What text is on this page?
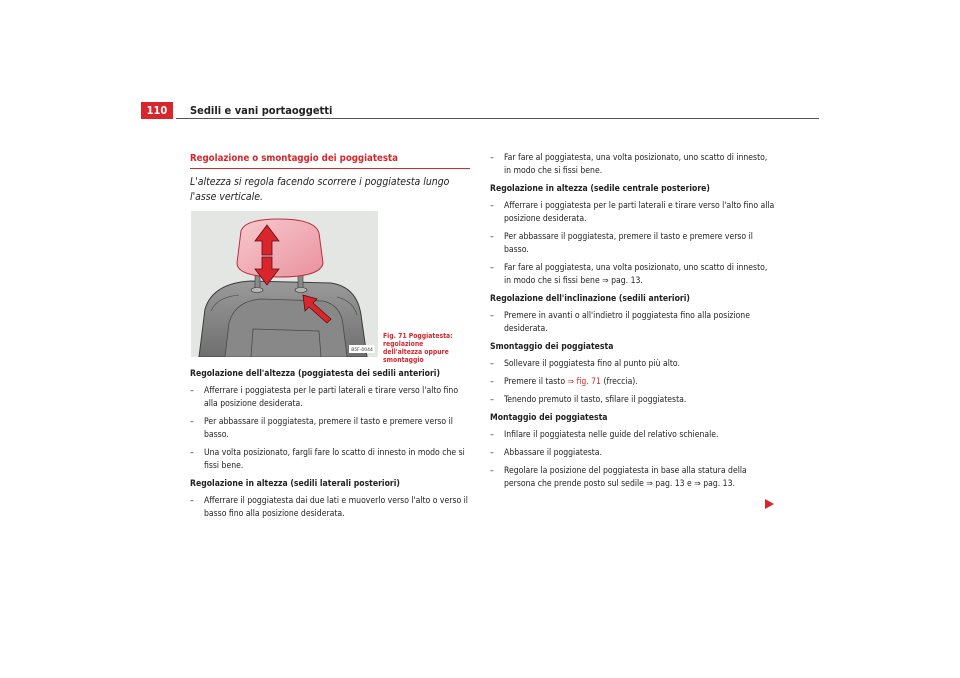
110	Sedili e vani portaoggetti
Regolazione o smontaggio dei poggiatesta
L'altezza si regola facendo scorrere i poggiatesta lungo l'asse verticale.
B5F-0044
Fig. 71 Poggiatesta: regolazione dell'altezza oppure smontaggio
Regolazione dell'altezza (poggiatesta dei sedili anteriori)
– Afferrare i poggiatesta per le parti laterali e tirare verso l'alto fino alla posizione desiderata.
– Per abbassare il poggiatesta, premere il tasto e premere verso il basso.
– Una volta posizionato, fargli fare lo scatto di innesto in modo che si fissi bene.
Regolazione in altezza (sedili laterali posteriori)
– Afferrare il poggiatesta dai due lati e muoverlo verso l'alto o verso il basso fino alla posizione desiderata.
– Far fare al poggiatesta, una volta posizionato, uno scatto di innesto, in modo che si fissi bene.
Regolazione in altezza (sedile centrale posteriore)
– Afferrare i poggiatesta per le parti laterali e tirare verso l'alto fino alla posizione desiderata.
– Per abbassare il poggiatesta, premere il tasto e premere verso il basso.
– Far fare al poggiatesta, una volta posizionato, uno scatto di innesto, in modo che si fissi bene ⇒ pag. 13.
Regolazione dell'inclinazione (sedili anteriori)
– Premere in avanti o all'indietro il poggiatesta fino alla posizione desiderata.
Smontaggio dei poggiatesta
– Sollevare il poggiatesta fino al punto più alto.
– Premere il tasto ⇒ fig. 71 (freccia).
– Tenendo premuto il tasto, sfilare il poggiatesta.
Montaggio dei poggiatesta
– Infilare il poggiatesta nelle guide del relativo schienale.
– Abbassare il poggiatesta.
– Regolare la posizione del poggiatesta in base alla statura della persona che prende posto sul sedile ⇒ pag. 13 e ⇒ pag. 13.
